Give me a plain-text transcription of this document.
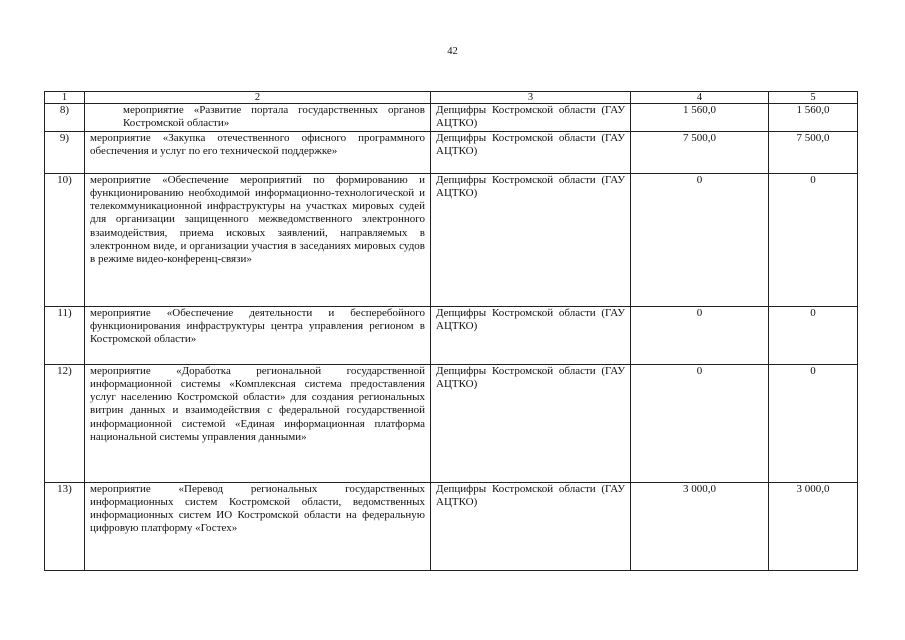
42
1	2	3	4	5
8)	мероприятие «Развитие портала государственных органов Костромской области»	Депцифры Костромской области (ГАУ АЦТКО)	1 560,0	1 560,0
9)	мероприятие «Закупка отечественного офисного программного обеспечения и услуг по его технической поддержке»	Депцифры Костромской области (ГАУ АЦТКО)	7 500,0	7 500,0
10)	мероприятие «Обеспечение мероприятий по формированию и функционированию необходимой информационно-технологической и телекоммуникационной инфраструктуры на участках мировых судей для организации защищенного межведомственного электронного взаимодействия, приема исковых заявлений, направляемых в электронном виде, и организации участия в заседаниях мировых судов в режиме видео-конференц-связи»	Депцифры Костромской области (ГАУ АЦТКО)	0	0
11)	мероприятие «Обеспечение деятельности и бесперебойного функционирования инфраструктуры центра управления регионом в Костромской области»	Депцифры Костромской области (ГАУ АЦТКО)	0	0
12)	мероприятие «Доработка региональной государственной информационной системы «Комплексная система предоставления услуг населению Костромской области» для создания региональных витрин данных и взаимодействия с федеральной государственной информационной системой «Единая информационная платформа национальной системы управления данными»	Депцифры Костромской области (ГАУ АЦТКО)	0	0
13)	мероприятие «Перевод региональных государственных информационных систем Костромской области, ведомственных информационных систем ИО Костромской области на федеральную цифровую платформу «Гостех»	Депцифры Костромской области (ГАУ АЦТКО)	3 000,0	3 000,0
